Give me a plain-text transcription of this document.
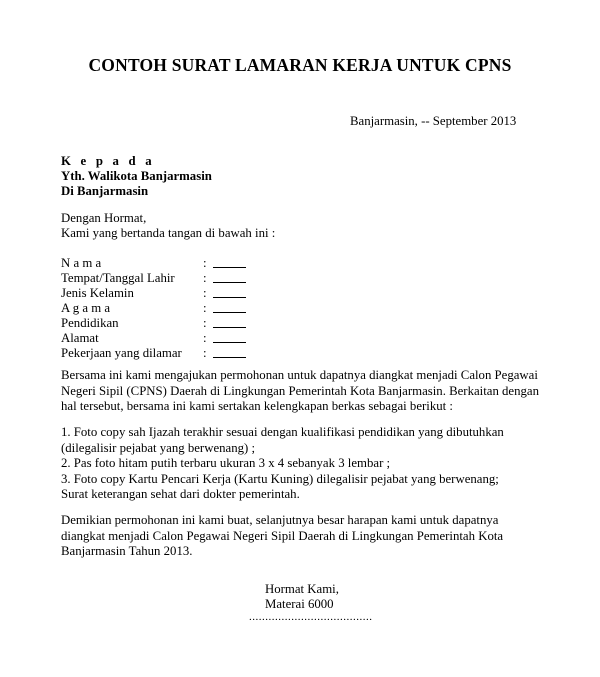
CONTOH SURAT LAMARAN KERJA UNTUK CPNS
Banjarmasin, -- September 2013
K e p a d a
Yth. Walikota Banjarmasin
Di Banjarmasin
Dengan Hormat,
Kami yang bertanda tangan di bawah ini :
N a m a	:
Tempat/Tanggal Lahir	:
Jenis Kelamin	:
A g a m a	:
Pendidikan	:
Alamat	:
Pekerjaan yang dilamar	:
Bersama ini kami mengajukan permohonan untuk dapatnya diangkat menjadi Calon Pegawai Negeri Sipil (CPNS) Daerah di Lingkungan Pemerintah Kota Banjarmasin. Berkaitan dengan hal tersebut, bersama ini kami sertakan kelengkapan berkas sebagai berikut :
1. Foto copy sah Ijazah terakhir sesuai dengan kualifikasi pendidikan yang dibutuhkan
(dilegalisir pejabat yang berwenang) ;
2. Pas foto hitam putih terbaru ukuran 3 x 4 sebanyak 3 lembar ;
3. Foto copy Kartu Pencari Kerja (Kartu Kuning) dilegalisir pejabat yang berwenang;
Surat keterangan sehat dari dokter pemerintah.
Demikian permohonan ini kami buat, selanjutnya besar harapan kami untuk dapatnya diangkat menjadi Calon Pegawai Negeri Sipil Daerah di Lingkungan Pemerintah Kota Banjarmasin Tahun 2013.
Hormat Kami,
Materai 6000
......................................
